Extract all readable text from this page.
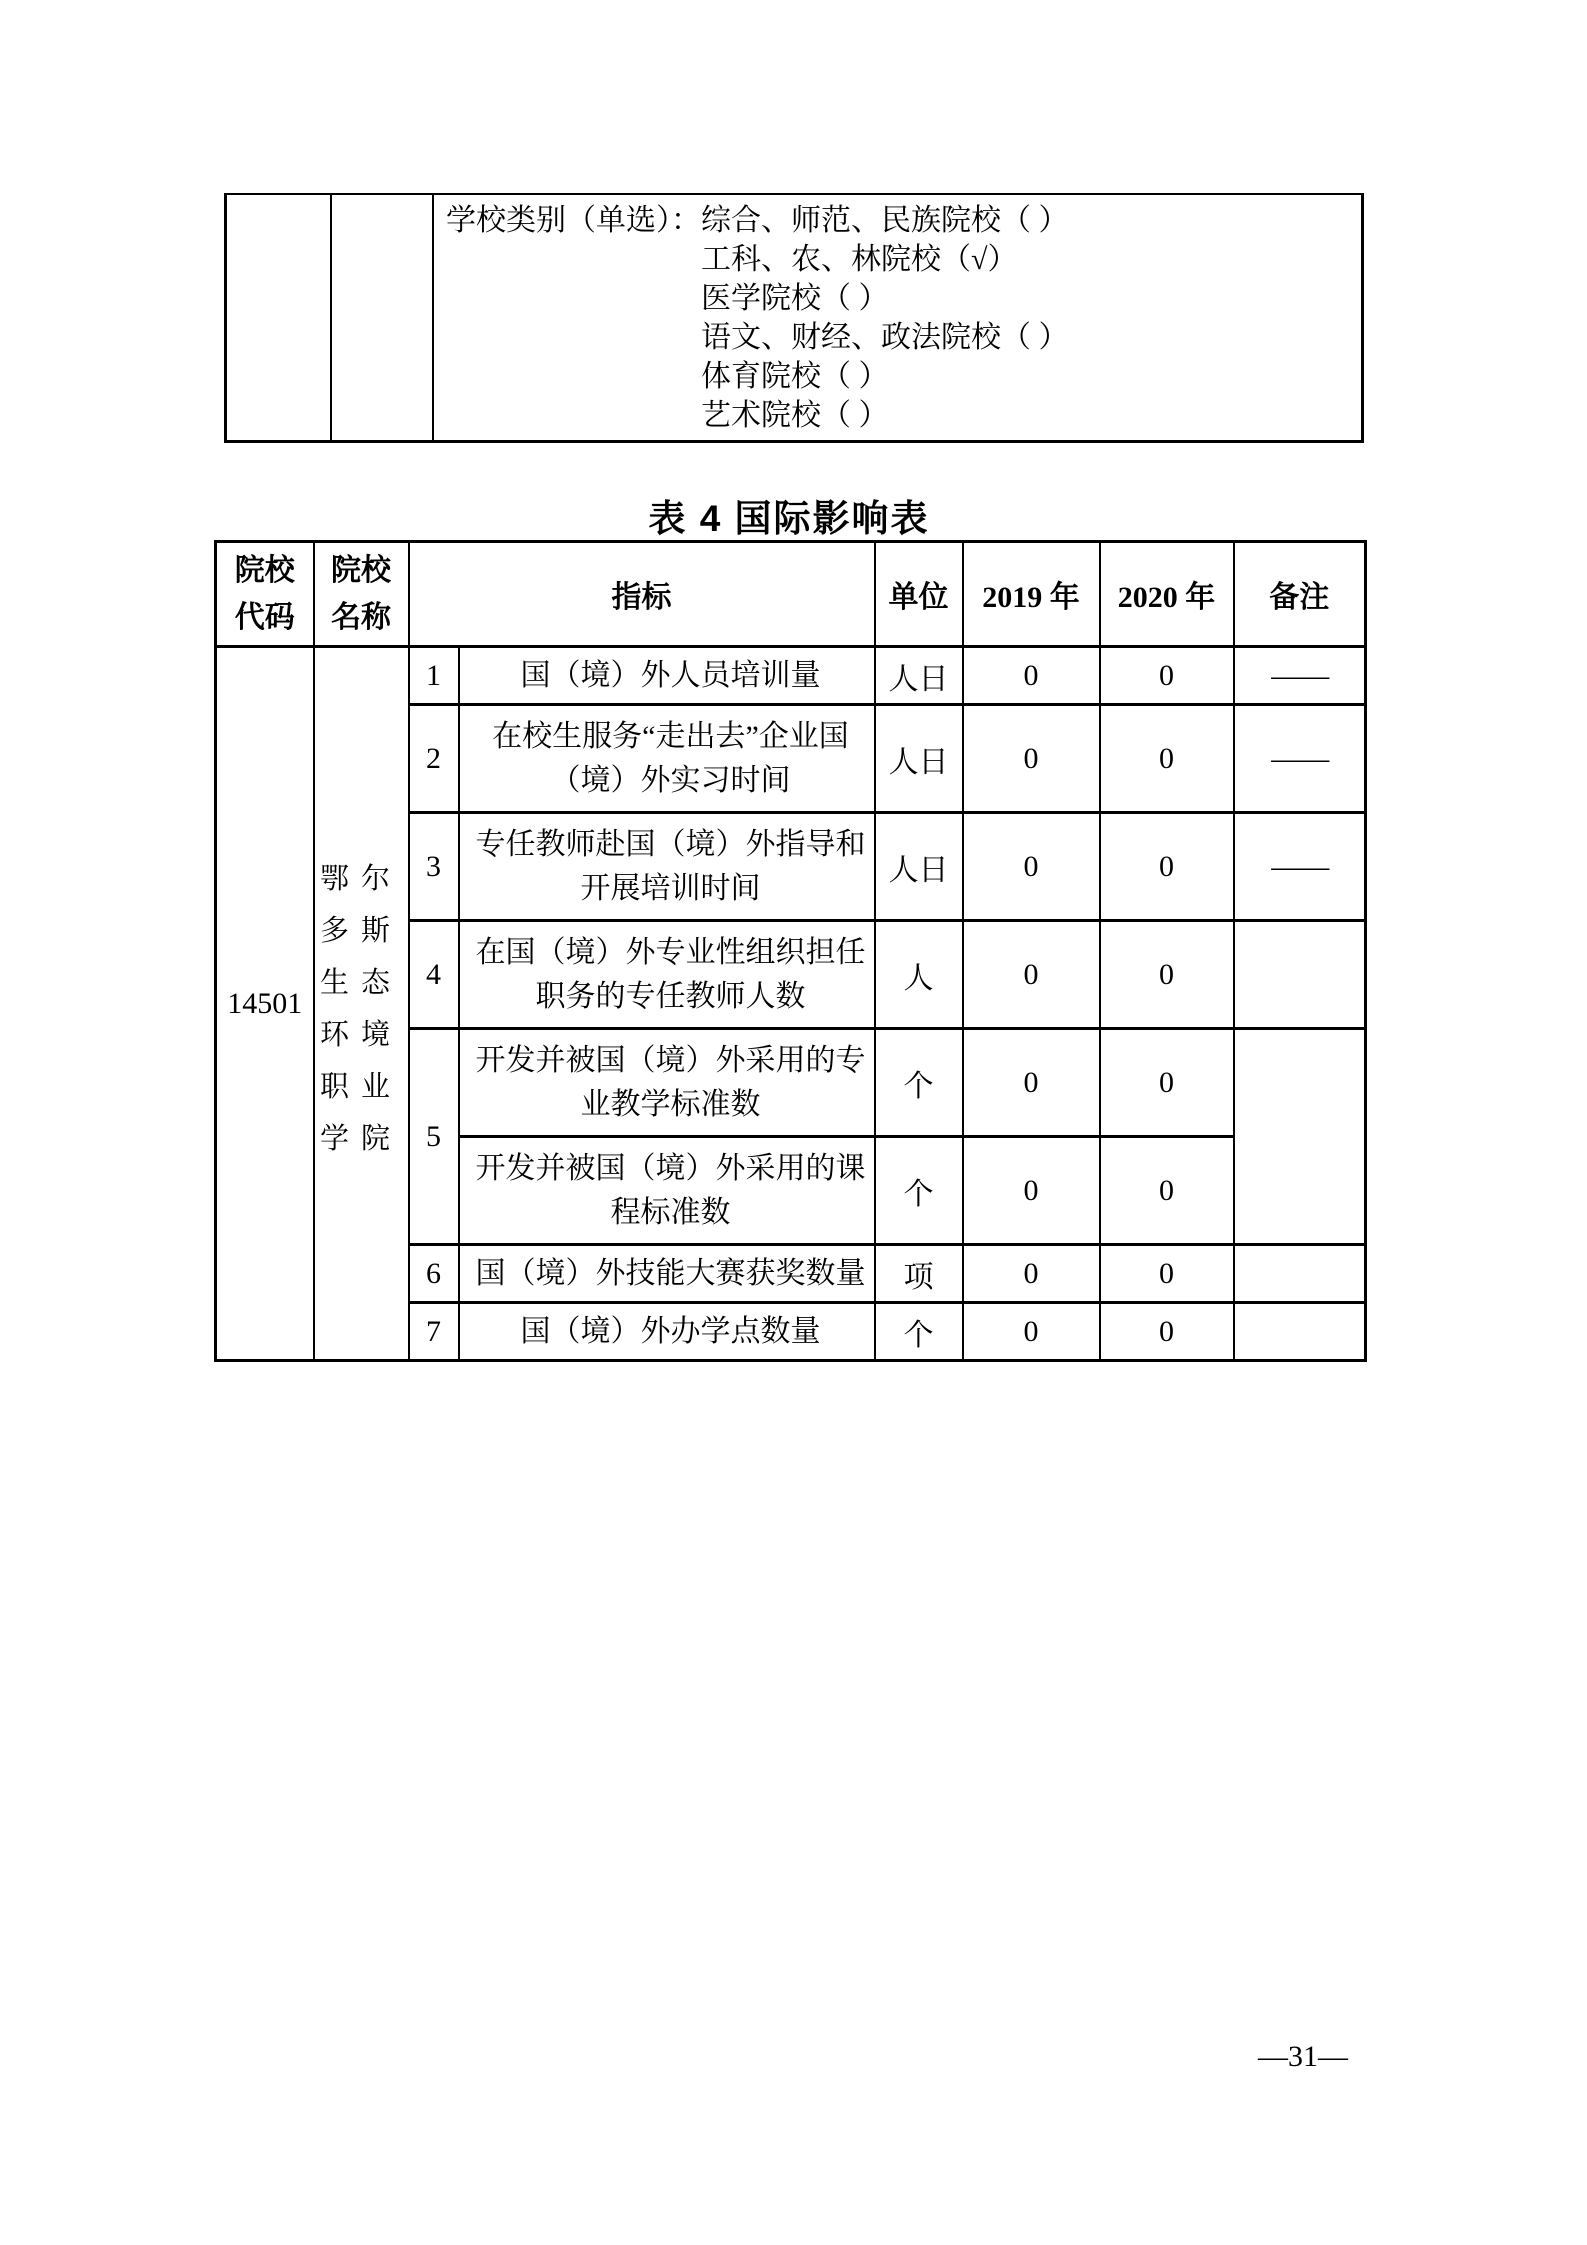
学校类别（单选）： 综合、师范、民族院校（ ）
工科、农、林院校（√）
医学院校（ ）
语文、财经、政法院校（ ）
体育院校（ ）
艺术院校（ ）
表 4 国际影响表
院校代码	院校名称	指标		单位	2019 年	2020 年	备注
14501	鄂尔多斯生态环境职业学院	1	国（境）外人员培训量	人日	0	0	——
		2	在校生服务“走出去”企业国（境）外实习时间	人日	0	0	——
		3	专任教师赴国（境）外指导和开展培训时间	人日	0	0	——
		4	在国（境）外专业性组织担任职务的专任教师人数	人	0	0	
		5	开发并被国（境）外采用的专业教学标准数	个	0	0	
			开发并被国（境）外采用的课程标准数	个	0	0	
		6	国（境）外技能大赛获奖数量	项	0	0	
		7	国（境）外办学点数量	个	0	0	
—31—
